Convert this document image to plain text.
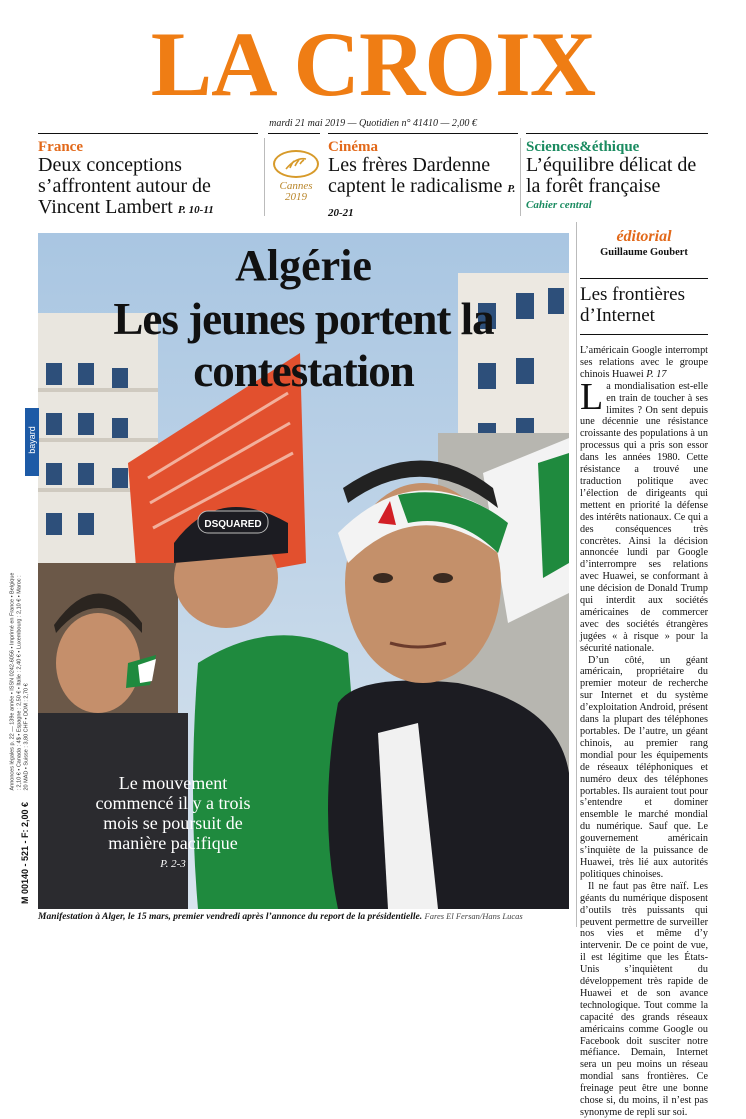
LA CROIX
mardi 21 mai 2019 — Quotidien n° 41410 — 2,00 €
France
Deux conceptions s’affrontent autour de Vincent Lambert P. 10-11
Cannes 2019
Cinéma
Les frères Dardenne captent le radicalisme P. 20-21
Sciences&éthique
L’équilibre délicat de la forêt française
Cahier central
DSQUARED
Algérie
Les jeunes portent la contestation
Le mouvement commencé il y a trois mois se poursuit de manière pacifique
P. 2-3
Manifestation à Alger, le 15 mars, premier vendredi après l’annonce du report de la présidentielle. Fares El Fersan/Hans Lucas
bayard
Annonces légales p. 22 — 139e année • ISSN 0242-6056 • Imprimé en France • Belgique : 2,10 € • Canada : 4$ • Espagne : 2,50 € • Italie : 2,40 € • Luxembourg : 2,10 € • Maroc : 20 MAD • Suisse : 3,80 CHF • DOM : 2,70 €
M 00140 - 521 - F: 2,00 €
éditorial
Guillaume Goubert
Les frontières d’Internet

L’américain Google interrompt ses relations avec le groupe chinois Huawei P. 17

La mondialisation est-elle en train de toucher à ses limites ? On sent depuis une décennie une résistance croissante des populations à un processus qui a pris son essor dans les années 1980. Cette résistance a trouvé une traduction politique avec l’élection de dirigeants qui mettent en priorité la défense des intérêts nationaux. Ce qui a des conséquences très concrètes. Ainsi la décision annoncée lundi par Google d’interrompre ses relations avec Huawei, se conformant à une décision de Donald Trump qui interdit aux sociétés américaines de commercer avec des sociétés étrangères jugées « à risque » pour la sécurité nationale.

D’un côté, un géant américain, propriétaire du premier moteur de recherche sur Internet et du système d’exploitation Android, présent dans la plupart des téléphones portables. De l’autre, un géant chinois, au premier rang mondial pour les équipements de réseaux téléphoniques et numéro deux des téléphones portables. Ils auraient tout pour s’entendre et dominer ensemble le marché mondial du numérique. Sauf que. Le gouvernement américain s’inquiète de la puissance de Huawei, très lié aux autorités politiques chinoises.

Il ne faut pas être naïf. Les géants du numérique disposent d’outils très puissants qui peuvent permettre de surveiller nos vies et même d’y intervenir. De ce point de vue, il est légitime que les États-Unis s’inquiètent du développement très rapide de Huawei et de son avance technologique. Tout comme la capacité des grands réseaux américains comme Google ou Facebook doit susciter notre méfiance. Demain, Internet sera un peu moins un réseau mondial sans frontières. Ce freinage peut être une bonne chose si, du moins, il n’est pas synonyme de repli sur soi.
